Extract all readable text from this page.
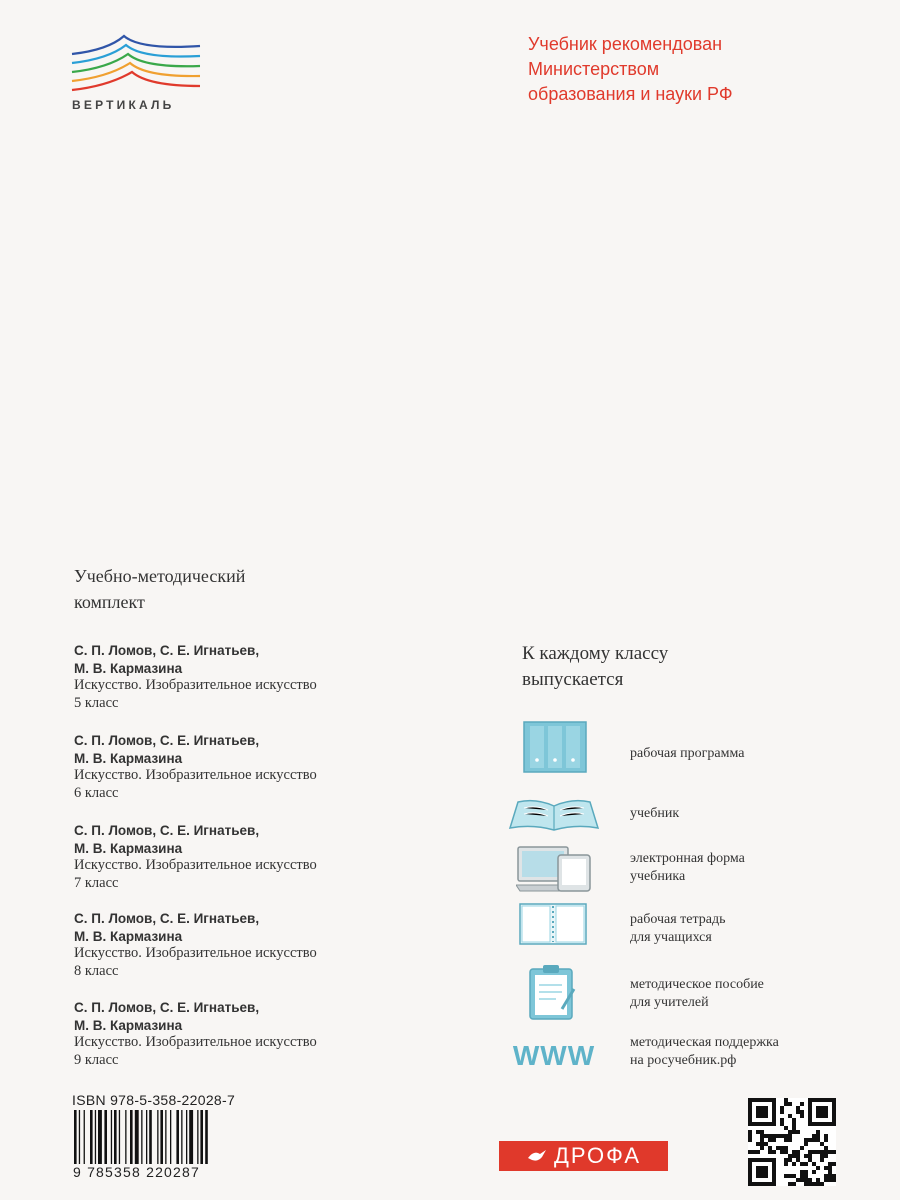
ВЕРТИКАЛЬ
Учебник рекомендован
Министерством
образования и науки РФ
Учебно-методический
комплект
С. П. Ломов, С. Е. Игнатьев,
М. В. Кармазина
Искусство. Изобразительное искусство
5 класс
С. П. Ломов, С. Е. Игнатьев,
М. В. Кармазина
Искусство. Изобразительное искусство
6 класс
С. П. Ломов, С. Е. Игнатьев,
М. В. Кармазина
Искусство. Изобразительное искусство
7 класс
С. П. Ломов, С. Е. Игнатьев,
М. В. Кармазина
Искусство. Изобразительное искусство
8 класс
С. П. Ломов, С. Е. Игнатьев,
М. В. Кармазина
Искусство. Изобразительное искусство
9 класс
К каждому классу
выпускается
рабочая программа
учебник
электронная форма
учебника
рабочая тетрадь
для учащихся
методическое пособие
для учителей
WWW методическая поддержка
на росучебник.рф
ISBN 978-5-358-22028-7
9 785358 220287
ДРОФА
